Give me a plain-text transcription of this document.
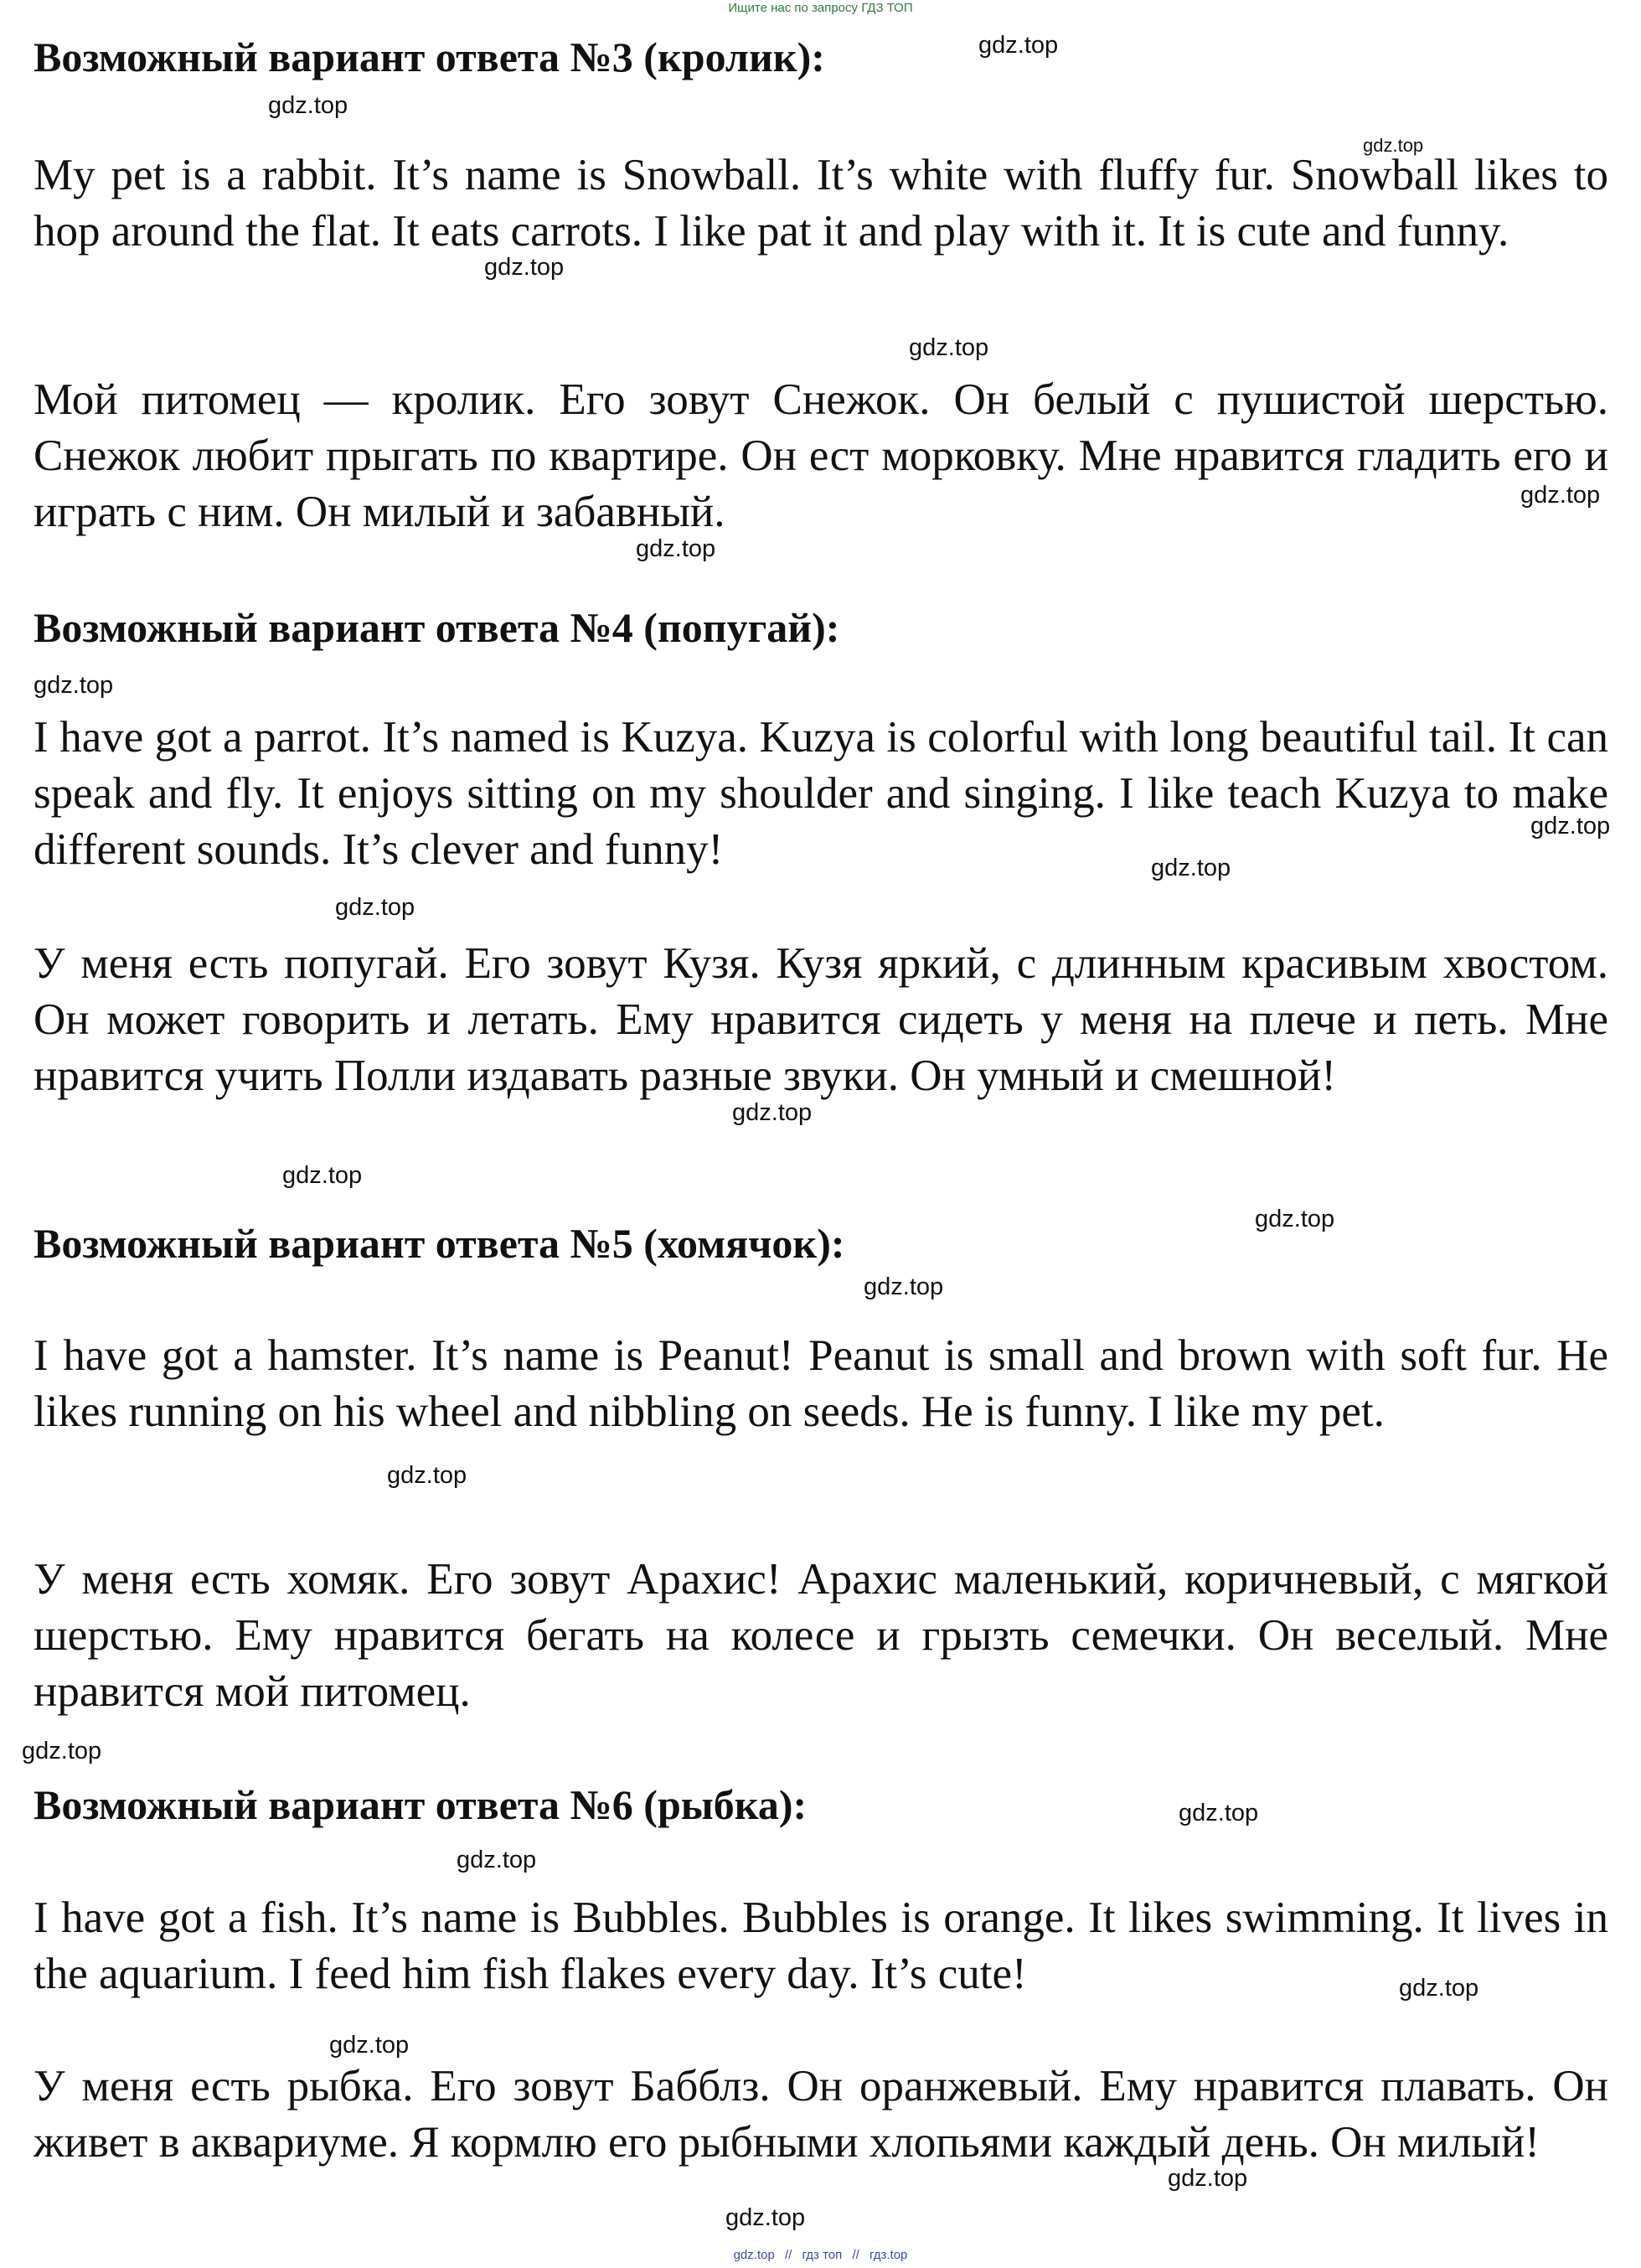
Ищите нас по запросу ГДЗ ТОП
Возможный вариант ответа №3 (кролик):
My pet is a rabbit. It’s name is Snowball. It’s white with fluffy fur. Snowball likes to hop around the flat. It eats carrots. I like pat it and play with it. It is cute and funny.
Мой питомец — кролик. Его зовут Снежок. Он белый с пушистой шерстью. Снежок любит прыгать по квартире. Он ест морковку. Мне нравится гладить его и играть с ним. Он милый и забавный.
Возможный вариант ответа №4 (попугай):
I have got a parrot. It’s named is Kuzya. Kuzya is colorful with long beautiful tail. It can speak and fly. It enjoys sitting on my shoulder and singing. I like teach Kuzya to make different sounds. It’s clever and funny!
У меня есть попугай. Его зовут Кузя. Кузя яркий, с длинным красивым хвостом. Он может говорить и летать. Ему нравится сидеть у меня на плече и петь. Мне нравится учить Полли издавать разные звуки. Он умный и смешной!
Возможный вариант ответа №5 (хомячок):
I have got a hamster. It’s name is Peanut! Peanut is small and brown with soft fur. He likes running on his wheel and nibbling on seeds. He is funny. I like my pet.
У меня есть хомяк. Его зовут Арахис! Арахис маленький, коричневый, с мягкой шерстью. Ему нравится бегать на колесе и грызть семечки. Он веселый. Мне нравится мой питомец.
Возможный вариант ответа №6 (рыбка):
I have got a fish. It’s name is Bubbles. Bubbles is orange. It likes swimming. It lives in the aquarium. I feed him fish flakes every day. It’s cute!
У меня есть рыбка. Его зовут Бабблз. Он оранжевый. Ему нравится плавать. Он живет в аквариуме. Я кормлю его рыбными хлопьями каждый день. Он милый!
gdz.top
gdz.top
gdz.top
gdz.top
gdz.top
gdz.top
gdz.top
gdz.top
gdz.top
gdz.top
gdz.top
gdz.top
gdz.top
gdz.top
gdz.top
gdz.top
gdz.top
gdz.top
gdz.top
gdz.top
gdz.top
gdz.top
gdz.top
gdz.top // гдз топ // гдз.top
